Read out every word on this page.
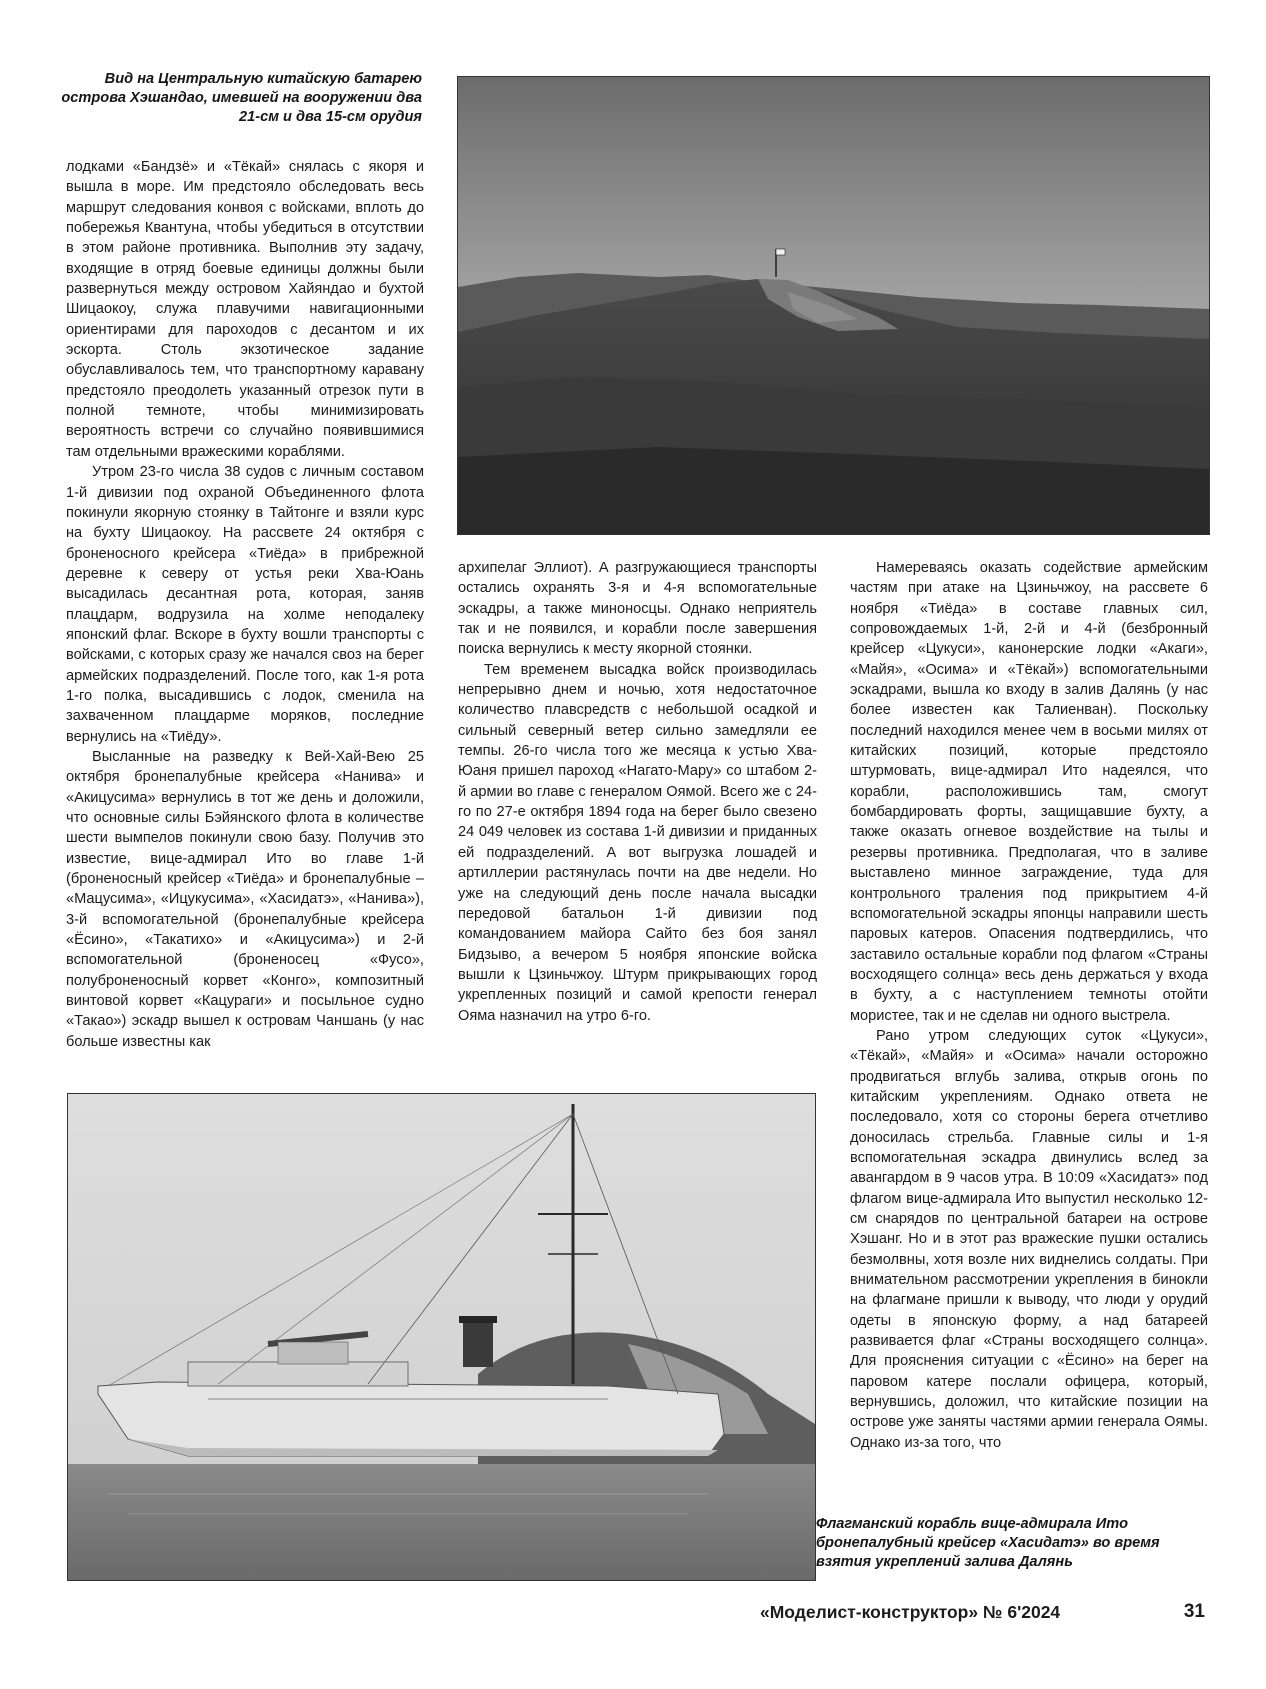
Вид на Центральную китайскую батарею острова Хэшандао, имевшей на вооружении два 21-см и два 15-см орудия

лодками «Бандзё» и «Тёкай» снялась с якоря и вышла в море. Им предстояло обследовать весь маршрут следования конвоя с войсками, вплоть до побережья Квантуна, чтобы убедиться в отсутствии в этом районе противника. Выполнив эту задачу, входящие в отряд боевые единицы должны были развернуться между островом Хайяндао и бухтой Шицаокоу, служа плавучими навигационными ориентирами для пароходов с десантом и их эскорта. Столь экзотическое задание обуславливалось тем, что транспортному каравану предстояло преодолеть указанный отрезок пути в полной темноте, чтобы минимизировать вероятность встречи со случайно появившимися там отдельными вражескими кораблями.

Утром 23-го числа 38 судов с личным составом 1-й дивизии под охраной Объединенного флота покинули якорную стоянку в Тайтонге и взяли курс на бухту Шицаокоу. На рассвете 24 октября с броненосного крейсера «Тиёда» в прибрежной деревне к северу от устья реки Хва-Юань высадилась десантная рота, которая, заняв плацдарм, водрузила на холме неподалеку японский флаг. Вскоре в бухту вошли транспорты с войсками, с которых сразу же начался своз на берег армейских подразделений. После того, как 1-я рота 1-го полка, высадившись с лодок, сменила на захваченном плацдарме моряков, последние вернулись на «Тиёду».

Высланные на разведку к Вей-Хай-Вею 25 октября бронепалубные крейсера «Нанива» и «Акицусима» вернулись в тот же день и доложили, что основные силы Бэйянского флота в количестве шести вымпелов покинули свою базу. Получив это известие, вице-адмирал Ито во главе 1-й (броненосный крейсер «Тиёда» и бронепалубные – «Мацусима», «Ицукусима», «Хасидатэ», «Нанива»), 3-й вспомогательной (бронепалубные крейсера «Ёсино», «Такатихо» и «Акицусима») и 2-й вспомогательной (броненосец «Фусо», полуброненосный корвет «Конго», композитный винтовой корвет «Кацураги» и посыльное судно «Такао») эскадр вышел к островам Чаншань (у нас больше известны как

архипелаг Эллиот). А разгружающиеся транспорты остались охранять 3-я и 4-я вспомогательные эскадры, а также миноносцы. Однако неприятель так и не появился, и корабли после завершения поиска вернулись к месту якорной стоянки.

Тем временем высадка войск производилась непрерывно днем и ночью, хотя недостаточное количество плавсредств с небольшой осадкой и сильный северный ветер сильно замедляли ее темпы. 26-го числа того же месяца к устью Хва-Юаня пришел пароход «Нагато-Мару» со штабом 2-й армии во главе с генералом Оямой. Всего же с 24-го по 27-е октября 1894 года на берег было свезено 24 049 человек из состава 1-й дивизии и приданных ей подразделений. А вот выгрузка лошадей и артиллерии растянулась почти на две недели. Но уже на следующий день после начала высадки передовой батальон 1-й дивизии под командованием майора Сайто без боя занял Бидзыво, а вечером 5 ноября японские войска вышли к Цзиньчжоу. Штурм прикрывающих город укрепленных позиций и самой крепости генерал Ояма назначил на утро 6-го.

Намереваясь оказать содействие армейским частям при атаке на Цзиньчжоу, на рассвете 6 ноября «Тиёда» в составе главных сил, сопровождаемых 1-й, 2-й и 4-й (безбронный крейсер «Цукуси», канонерские лодки «Акаги», «Майя», «Осима» и «Тёкай») вспомогательными эскадрами, вышла ко входу в залив Далянь (у нас более известен как Талиенван). Поскольку последний находился менее чем в восьми милях от китайских позиций, которые предстояло штурмовать, вице-адмирал Ито надеялся, что корабли, расположившись там, смогут бомбардировать форты, защищавшие бухту, а также оказать огневое воздействие на тылы и резервы противника. Предполагая, что в заливе выставлено минное заграждение, туда для контрольного траления под прикрытием 4-й вспомогательной эскадры японцы направили шесть паровых катеров. Опасения подтвердились, что заставило остальные корабли под флагом «Страны восходящего солнца» весь день держаться у входа в бухту, а с наступлением темноты отойти мористее, так и не сделав ни одного выстрела.

Рано утром следующих суток «Цукуси», «Тёкай», «Майя» и «Осима» начали осторожно продвигаться вглубь залива, открыв огонь по китайским укреплениям. Однако ответа не последовало, хотя со стороны берега отчетливо доносилась стрельба. Главные силы и 1-я вспомогательная эскадра двинулись вслед за авангардом в 9 часов утра. В 10:09 «Хасидатэ» под флагом вице-адмирала Ито выпустил несколько 12-см снарядов по центральной батареи на острове Хэшанг. Но и в этот раз вражеские пушки остались безмолвны, хотя возле них виднелись солдаты. При внимательном рассмотрении укрепления в бинокли на флагмане пришли к выводу, что люди у орудий одеты в японскую форму, а над батареей развивается флаг «Страны восходящего солнца». Для прояснения ситуации с «Ёсино» на берег на паровом катере послали офицера, который, вернувшись, доложил, что китайские позиции на острове уже заняты частями армии генерала Оямы. Однако из-за того, что

Флагманский корабль вице-адмирала Ито бронепалубный крейсер «Хасидатэ» во время взятия укреплений залива Далянь
«Моделист-конструктор» № 6'2024	31
